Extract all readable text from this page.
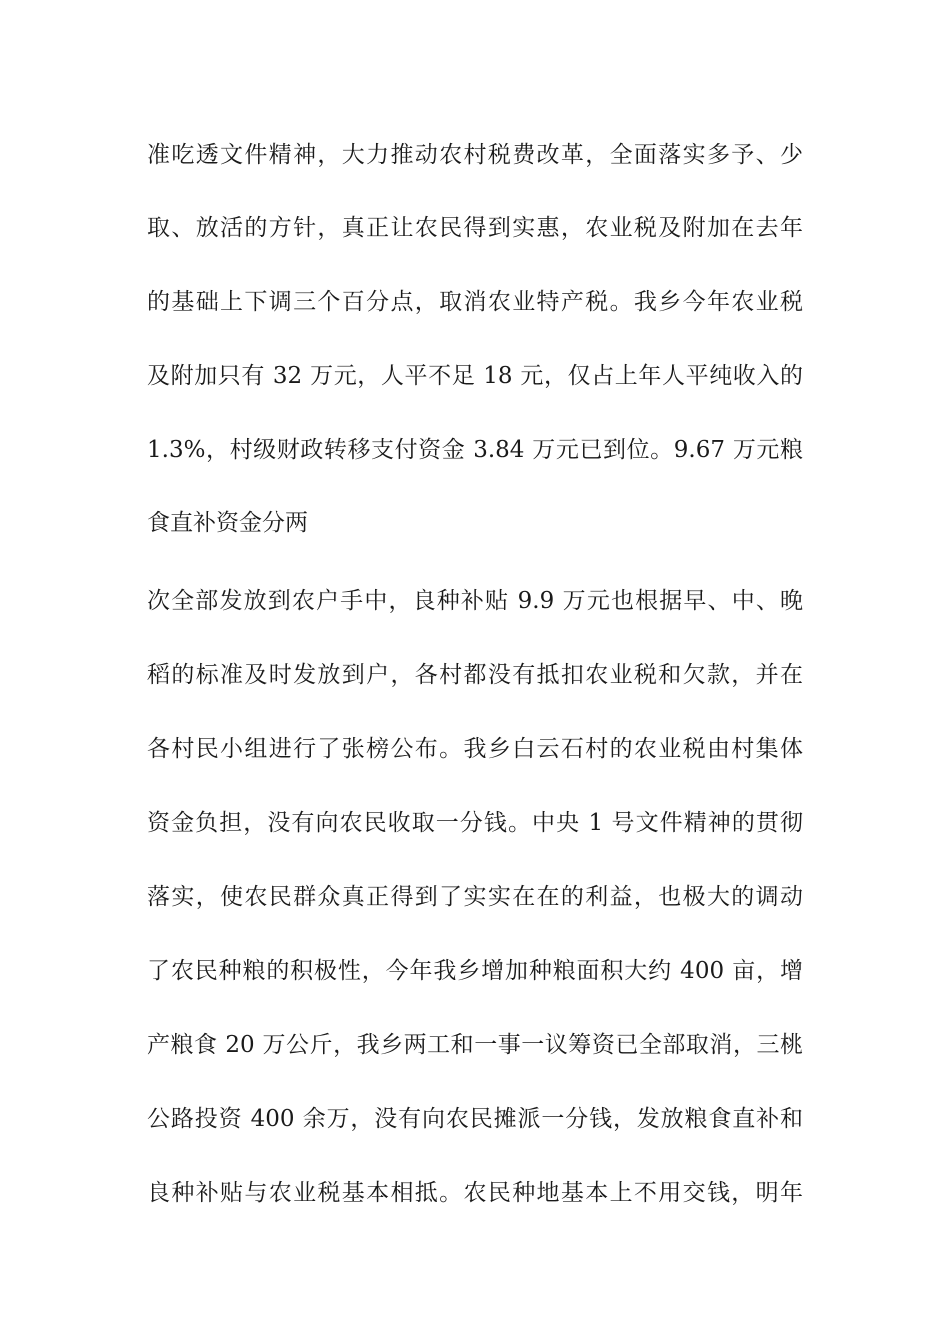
准吃透文件精神，大力推动农村税费改革，全面落实多予、少
取、放活的方针，真正让农民得到实惠，农业税及附加在去年
的基础上下调三个百分点，取消农业特产税。我乡今年农业税
及附加只有 32 万元，人平不足 18 元，仅占上年人平纯收入的
1.3%，村级财政转移支付资金 3.84 万元已到位。9.67 万元粮
食直补资金分两
次全部发放到农户手中，良种补贴 9.9 万元也根据早、中、晚
稻的标准及时发放到户，各村都没有抵扣农业税和欠款，并在
各村民小组进行了张榜公布。我乡白云石村的农业税由村集体
资金负担，没有向农民收取一分钱。中央 1 号文件精神的贯彻
落实，使农民群众真正得到了实实在在的利益，也极大的调动
了农民种粮的积极性，今年我乡增加种粮面积大约 400 亩，增
产粮食 20 万公斤，我乡两工和一事一议筹资已全部取消，三桃
公路投资 400 余万，没有向农民摊派一分钱，发放粮食直补和
良种补贴与农业税基本相抵。农民种地基本上不用交钱，明年
